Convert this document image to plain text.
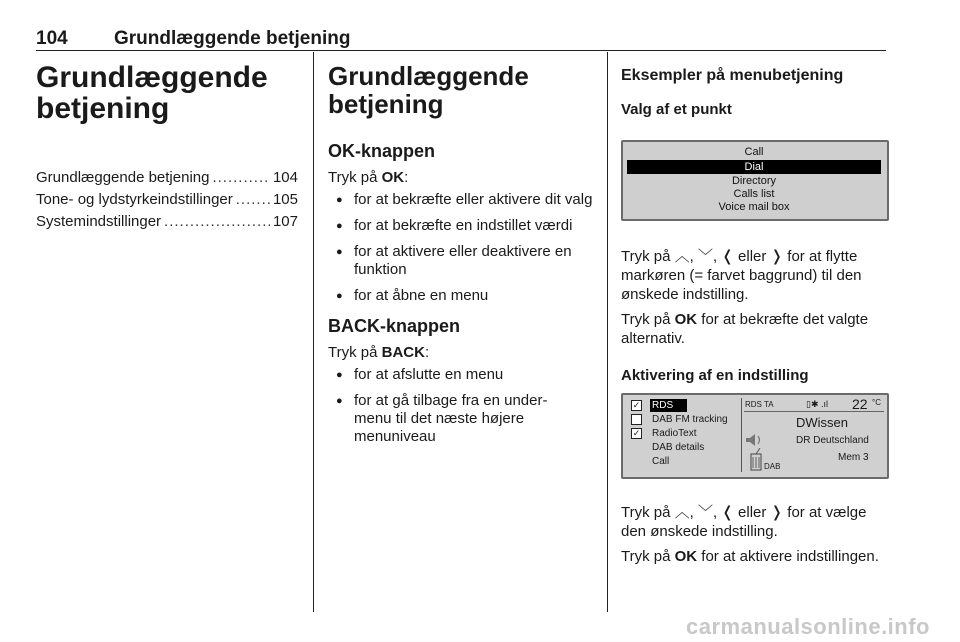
104 Grundlæggende betjening
Grundlæggende
betjening
Grundlæggende betjening .....	104
Tone- og lydstyrkeindstillinger .....	105
Systemindstillinger .....	107
Grundlæggende
betjening
OK-knappen
Tryk på OK:
● for at bekræfte eller aktivere dit valg
● for at bekræfte en indstillet værdi
● for at aktivere eller deaktivere en funktion
● for at åbne en menu
BACK-knappen
Tryk på BACK:
● for at afslutte en menu
● for at gå tilbage fra en undermenu til det næste højere menuniveau
Eksempler på menubetjening
Valg af et punkt
Call
Dial
Directory
Calls list
Voice mail box
Tryk på ︿, ﹀, ❬ eller ❭ for at flytte markøren (= farvet baggrund) til den ønskede indstilling.
Tryk på OK for at bekræfte det valgte alternativ.
Aktivering af en indstilling
✓ RDS
DAB FM tracking
✓ RadioText
DAB details
Call
RDS TA	▯✱ .ıl 22 °C
DWissen
DR Deutschland
Mem 3
DAB
Tryk på ︿, ﹀, ❬ eller ❭ for at vælge den ønskede indstilling.
Tryk på OK for at aktivere indstillingen.
carmanualsonline.info
